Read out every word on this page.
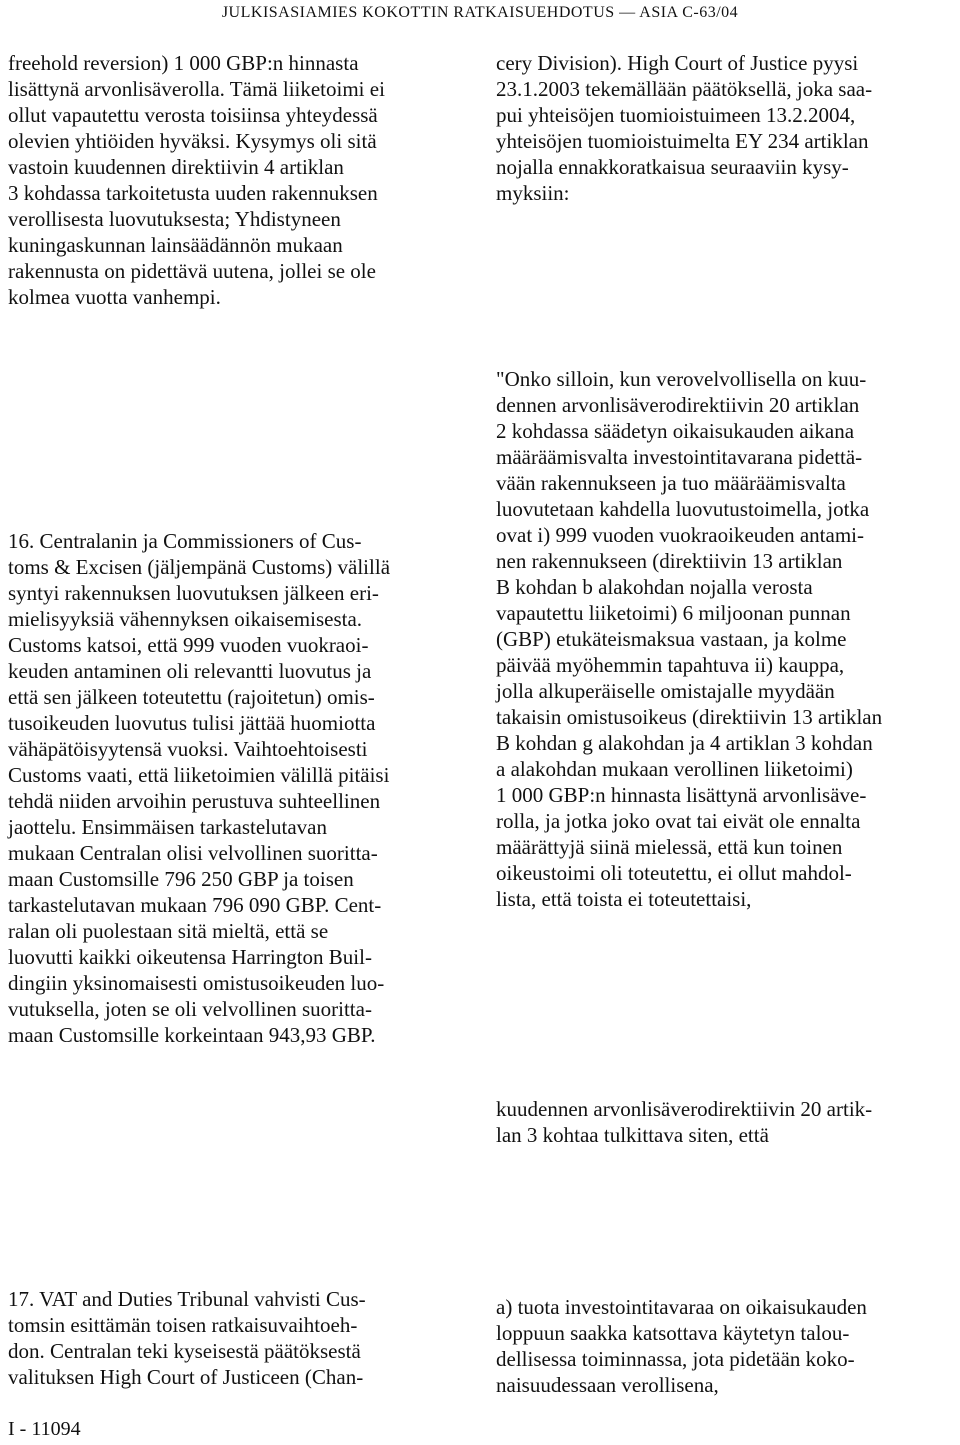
JULKISASIAMIES KOKOTTIN RATKAISUEHDOTUS — ASIA C-63/04
freehold reversion) 1 000 GBP:n hinnasta
lisättynä arvonlisäverolla. Tämä liiketoimi ei
ollut vapautettu verosta toisiinsa yhteydessä
olevien yhtiöiden hyväksi. Kysymys oli sitä
vastoin kuudennen direktiivin 4 artiklan
3 kohdassa tarkoitetusta uuden rakennuksen
verollisesta luovutuksesta; Yhdistyneen
kuningaskunnan lainsäädännön mukaan
rakennusta on pidettävä uutena, jollei se ole
kolmea vuotta vanhempi.
16. Centralanin ja Commissioners of Cus-
toms & Excisen (jäljempänä Customs) välillä
syntyi rakennuksen luovutuksen jälkeen eri-
mielisyyksiä vähennyksen oikaisemisesta.
Customs katsoi, että 999 vuoden vuokraoi-
keuden antaminen oli relevantti luovutus ja
että sen jälkeen toteutettu (rajoitetun) omis-
tusoikeuden luovutus tulisi jättää huomiotta
vähäpätöisyytensä vuoksi. Vaihtoehtoisesti
Customs vaati, että liiketoimien välillä pitäisi
tehdä niiden arvoihin perustuva suhteellinen
jaottelu. Ensimmäisen tarkastelutavan
mukaan Centralan olisi velvollinen suoritta-
maan Customsille 796 250 GBP ja toisen
tarkastelutavan mukaan 796 090 GBP. Cent-
ralan oli puolestaan sitä mieltä, että se
luovutti kaikki oikeutensa Harrington Buil-
dingiin yksinomaisesti omistusoikeuden luo-
vutuksella, joten se oli velvollinen suoritta-
maan Customsille korkeintaan 943,93 GBP.
17. VAT and Duties Tribunal vahvisti Cus-
tomsin esittämän toisen ratkaisuvaihtoeh-
don. Centralan teki kyseisestä päätöksestä
valituksen High Court of Justiceen (Chan-
cery Division). High Court of Justice pyysi
23.1.2003 tekemällään päätöksellä, joka saa-
pui yhteisöjen tuomioistuimeen 13.2.2004,
yhteisöjen tuomioistuimelta EY 234 artiklan
nojalla ennakkoratkaisua seuraaviin kysy-
myksiin:
"Onko silloin, kun verovelvollisella on kuu-
dennen arvonlisäverodirektiivin 20 artiklan
2 kohdassa säädetyn oikaisukauden aikana
määräämisvalta investointitavarana pidettä-
vään rakennukseen ja tuo määräämisvalta
luovutetaan kahdella luovutustoimella, jotka
ovat i) 999 vuoden vuokraoikeuden antami-
nen rakennukseen (direktiivin 13 artiklan
B kohdan b alakohdan nojalla verosta
vapautettu liiketoimi) 6 miljoonan punnan
(GBP) etukäteismaksua vastaan, ja kolme
päivää myöhemmin tapahtuva ii) kauppa,
jolla alkuperäiselle omistajalle myydään
takaisin omistusoikeus (direktiivin 13 artiklan
B kohdan g alakohdan ja 4 artiklan 3 kohdan
a alakohdan mukaan verollinen liiketoimi)
1 000 GBP:n hinnasta lisättynä arvonlisäve-
rolla, ja jotka joko ovat tai eivät ole ennalta
määrättyjä siinä mielessä, että kun toinen
oikeustoimi oli toteutettu, ei ollut mahdol-
lista, että toista ei toteutettaisi,
kuudennen arvonlisäverodirektiivin 20 artik-
lan 3 kohtaa tulkittava siten, että
a) tuota investointitavaraa on oikaisukauden
loppuun saakka katsottava käytetyn talou-
dellisessa toiminnassa, jota pidetään koko-
naisuudessaan verollisena,
I - 11094
